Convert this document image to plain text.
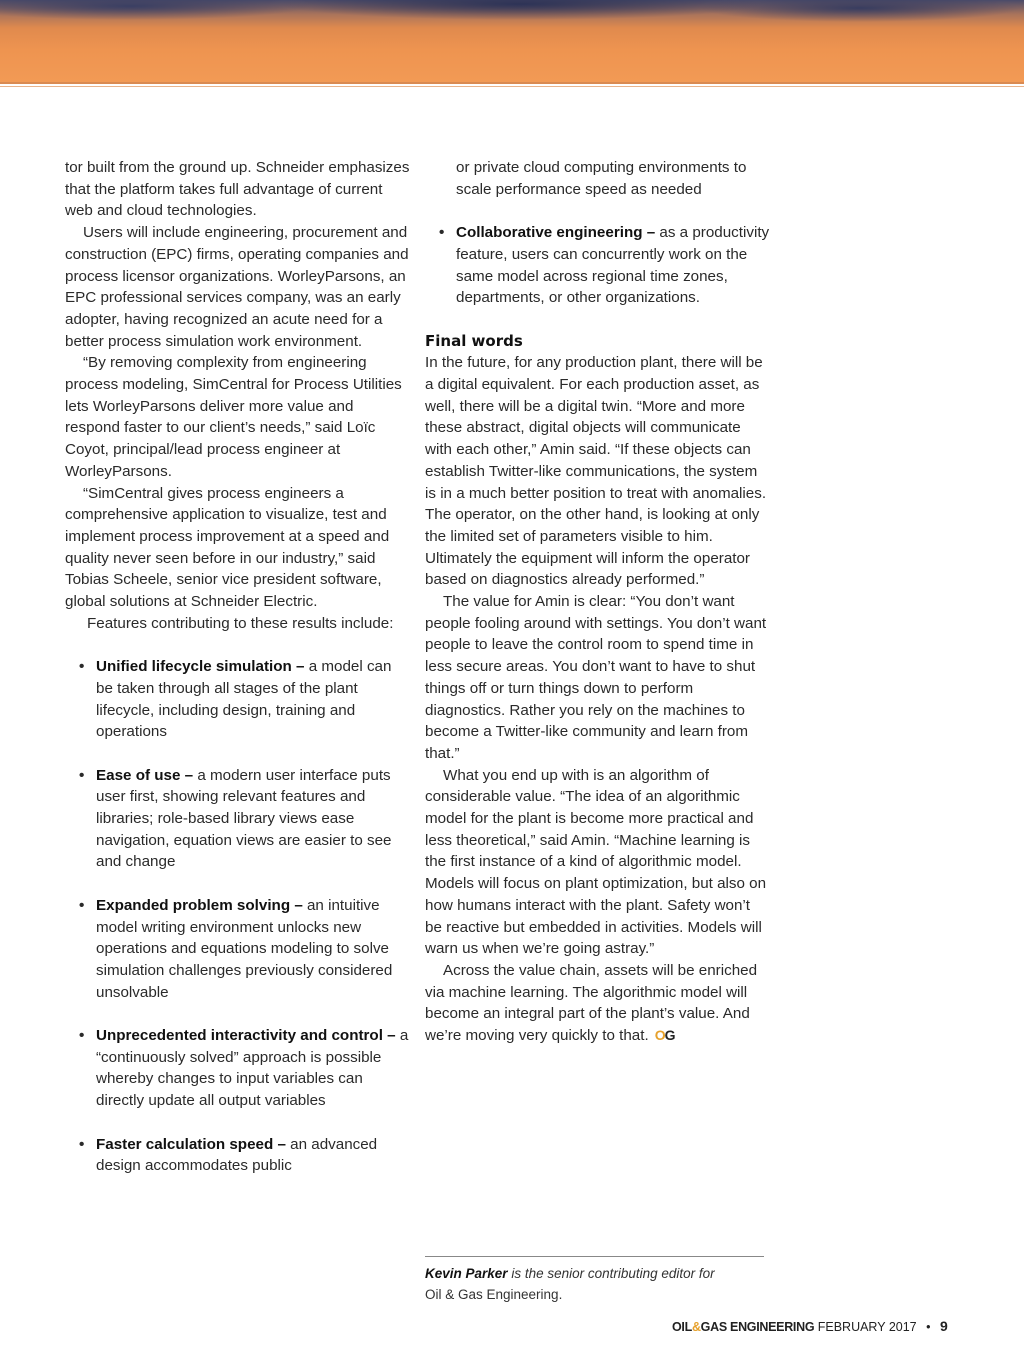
tor built from the ground up. Schneider emphasizes that the platform takes full advantage of current web and cloud technologies.

Users will include engineering, procurement and construction (EPC) firms, operating companies and process licensor organizations. WorleyParsons, an EPC professional services company, was an early adopter, having recognized an acute need for a better process simulation work environment.

“By removing complexity from engineering process modeling, SimCentral for Process Utilities lets WorleyParsons deliver more value and respond faster to our client’s needs,” said Loïc Coyot, principal/lead process engineer at WorleyParsons.

“SimCentral gives process engineers a comprehensive application to visualize, test and implement process improvement at a speed and quality never seen before in our industry,” said Tobias Scheele, senior vice president software, global solutions at Schneider Electric.

Features contributing to these results include:

• Unified lifecycle simulation – a model can be taken through all stages of the plant lifecycle, including design, training and operations
• Ease of use – a modern user interface puts user first, showing relevant features and libraries; role-based library views ease navigation, equation views are easier to see and change
• Expanded problem solving – an intuitive model writing environment unlocks new operations and equations modeling to solve simulation challenges previously considered unsolvable
• Unprecedented interactivity and control – a “continuously solved” approach is possible whereby changes to input variables can directly update all output variables
• Faster calculation speed – an advanced design accommodates public

or private cloud computing environments to scale performance speed as needed

• Collaborative engineering – as a productivity feature, users can concurrently work on the same model across regional time zones, departments, or other organizations.
Final words

In the future, for any production plant, there will be a digital equivalent. For each production asset, as well, there will be a digital twin. “More and more these abstract, digital objects will communicate with each other,” Amin said. “If these objects can establish Twitter-like communications, the system is in a much better position to treat with anomalies. The operator, on the other hand, is looking at only the limited set of parameters visible to him. Ultimately the equipment will inform the operator based on diagnostics already performed.”

The value for Amin is clear: “You don’t want people fooling around with settings. You don’t want people to leave the control room to spend time in less secure areas. You don’t want to have to shut things off or turn things down to perform diagnostics. Rather you rely on the machines to become a Twitter-like community and learn from that.”

What you end up with is an algorithm of considerable value. “The idea of an algorithmic model for the plant is become more practical and less theoretical,” said Amin. “Machine learning is the first instance of a kind of algorithmic model. Models will focus on plant optimization, but also on how humans interact with the plant. Safety won’t be reactive but embedded in activities. Models will warn us when we’re going astray.”

Across the value chain, assets will be enriched via machine learning. The algorithmic model will become an integral part of the plant’s value. And we’re moving very quickly to that. OG

Kevin Parker is the senior contributing editor for
Oil & Gas Engineering.
OIL&GAS ENGINEERING FEBRUARY 2017 • 9
